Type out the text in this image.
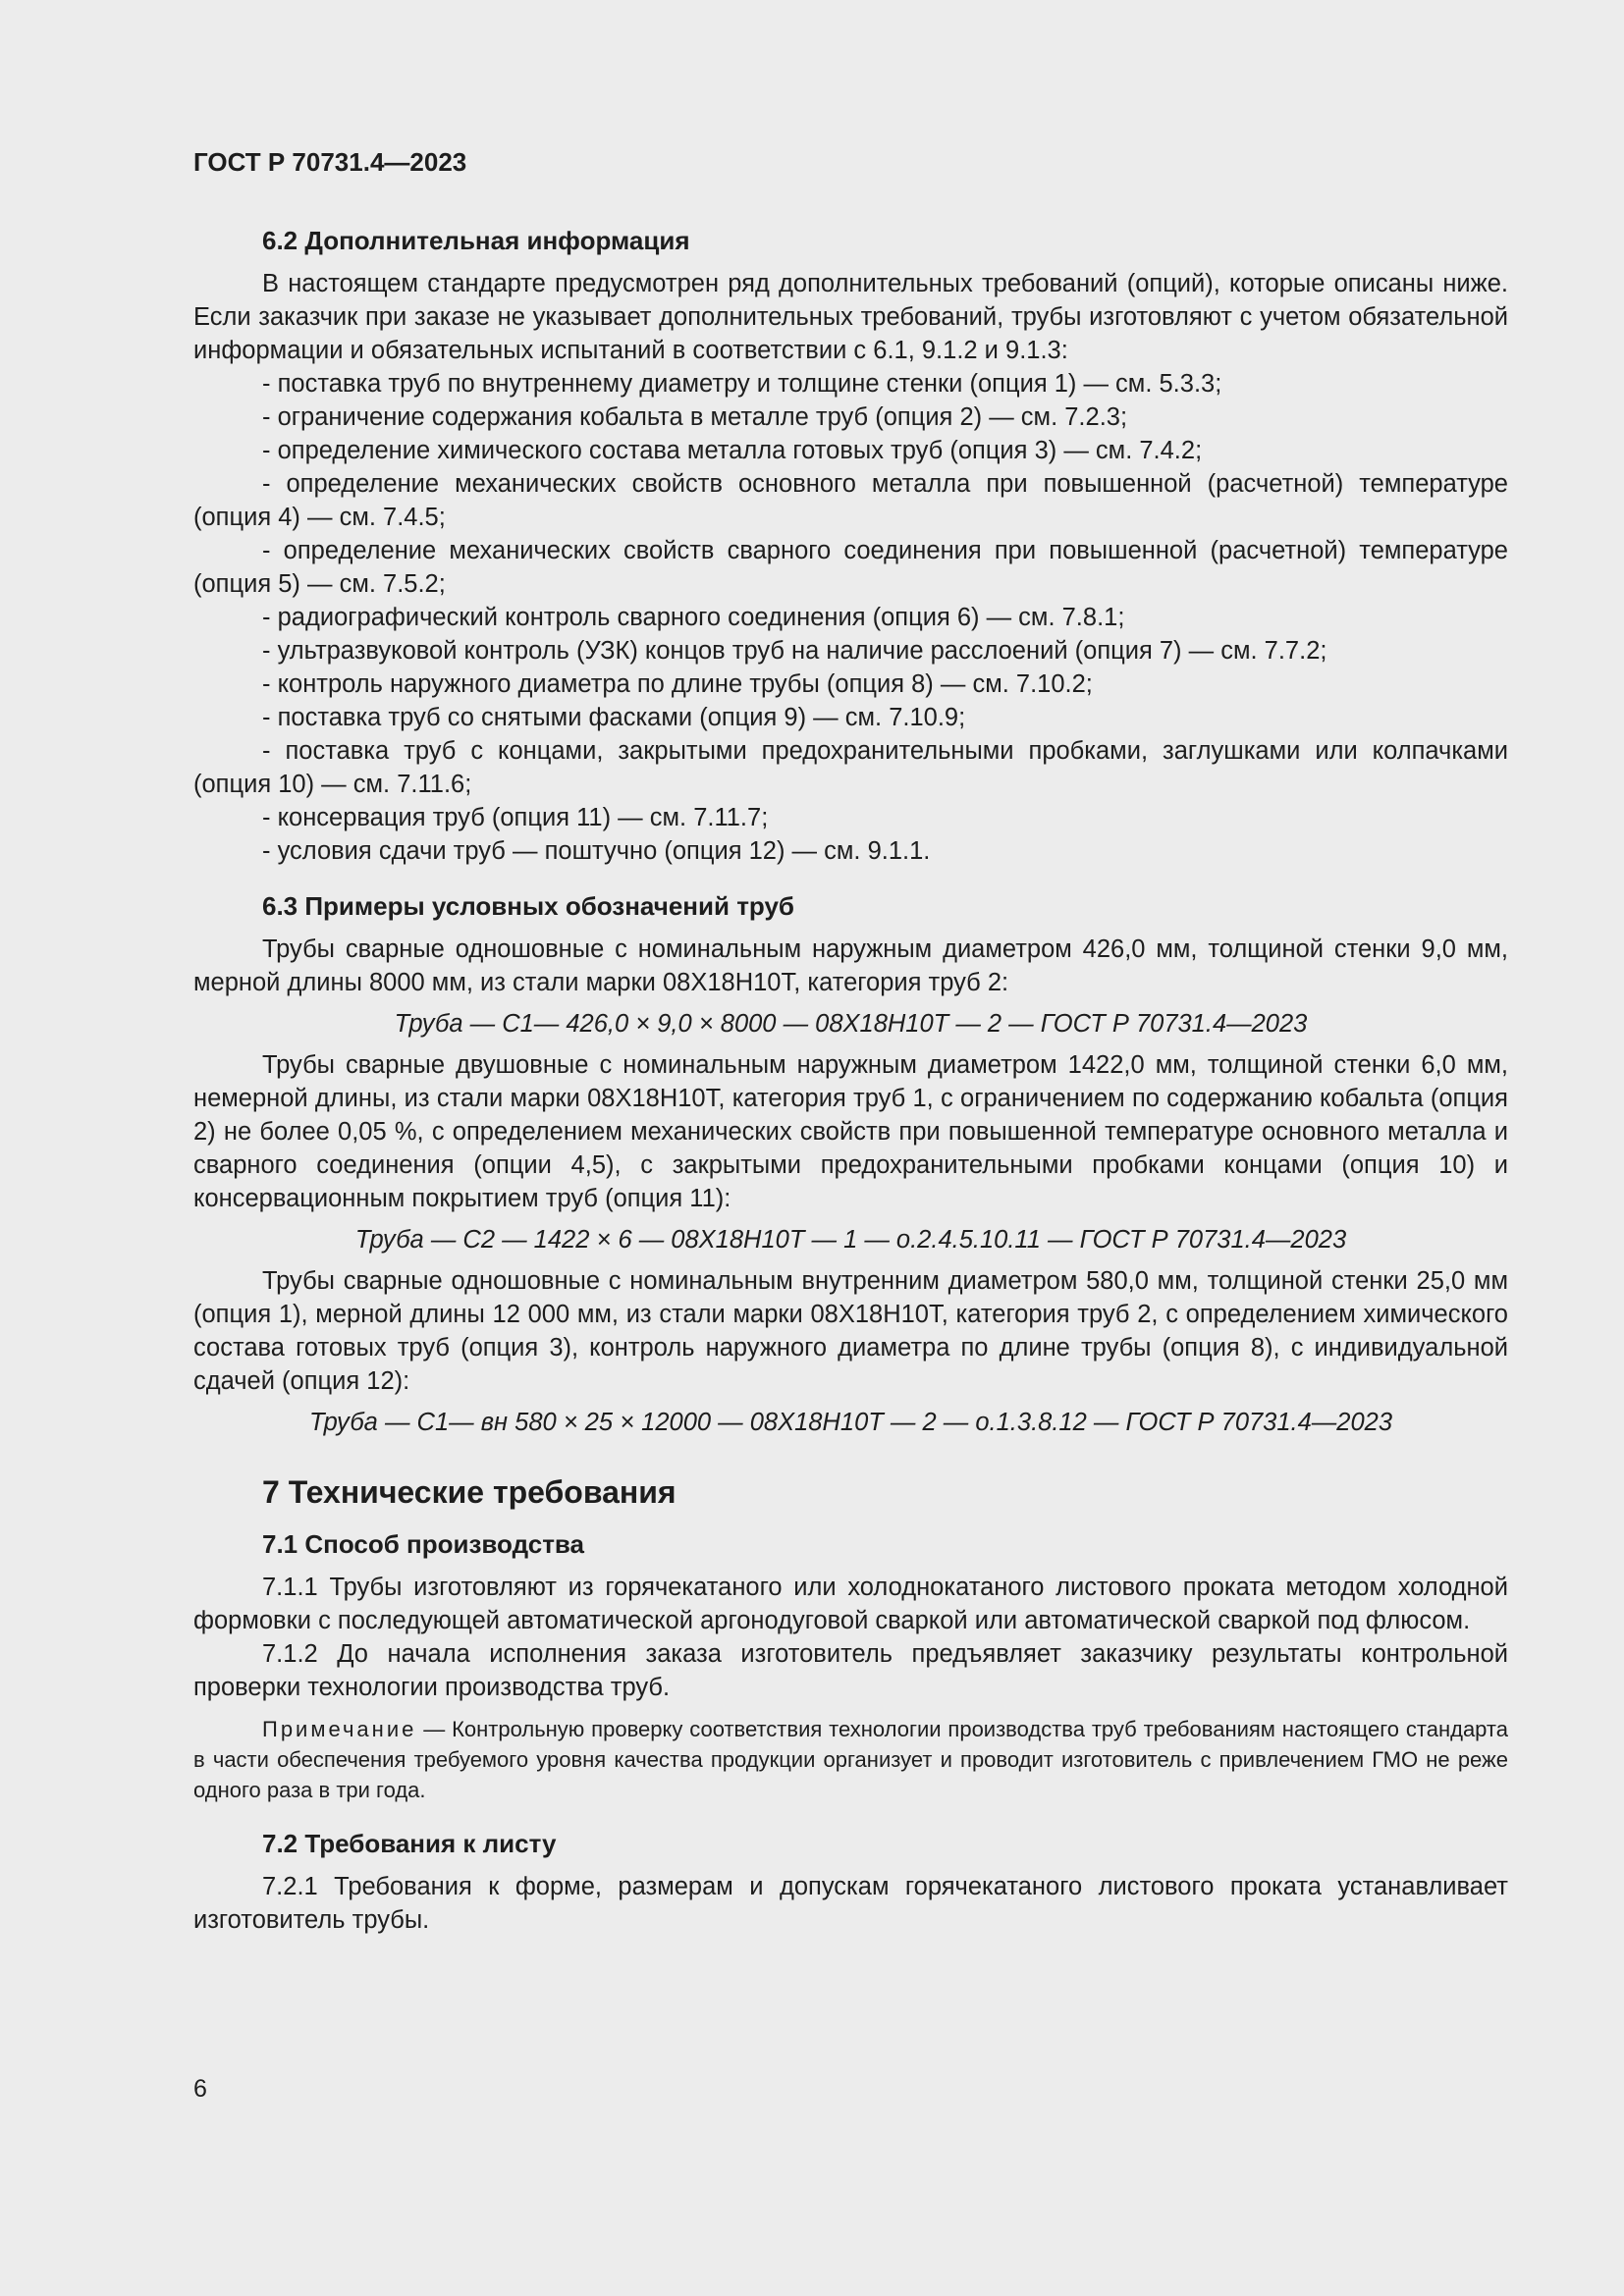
ГОСТ Р 70731.4—2023
6.2 Дополнительная информация

В настоящем стандарте предусмотрен ряд дополнительных требований (опций), которые описаны ниже. Если заказчик при заказе не указывает дополнительных требований, трубы изготовляют с учетом обязательной информации и обязательных испытаний в соответствии с 6.1, 9.1.2 и 9.1.3:

- поставка труб по внутреннему диаметру и толщине стенки (опция 1) — см. 5.3.3;
- ограничение содержания кобальта в металле труб (опция 2) — см. 7.2.3;
- определение химического состава металла готовых труб (опция 3) — см. 7.4.2;
- определение механических свойств основного металла при повышенной (расчетной) температуре (опция 4) — см. 7.4.5;
- определение механических свойств сварного соединения при повышенной (расчетной) температуре (опция 5) — см. 7.5.2;
- радиографический контроль сварного соединения (опция 6) — см. 7.8.1;
- ультразвуковой контроль (УЗК) концов труб на наличие расслоений (опция 7) — см. 7.7.2;
- контроль наружного диаметра по длине трубы (опция 8) — см. 7.10.2;
- поставка труб со снятыми фасками (опция 9) — см. 7.10.9;
- поставка труб с концами, закрытыми предохранительными пробками, заглушками или колпачками (опция 10) — см. 7.11.6;
- консервация труб (опция 11) — см. 7.11.7;
- условия сдачи труб — поштучно (опция 12) — см. 9.1.1.
6.3 Примеры условных обозначений труб

Трубы сварные одношовные с номинальным наружным диаметром 426,0 мм, толщиной стенки 9,0 мм, мерной длины 8000 мм, из стали марки 08Х18Н10Т, категория труб 2:

Труба — С1— 426,0 × 9,0 × 8000 — 08Х18Н10Т — 2 — ГОСТ Р 70731.4—2023

Трубы сварные двушовные с номинальным наружным диаметром 1422,0 мм, толщиной стенки 6,0 мм, немерной длины, из стали марки 08Х18Н10Т, категория труб 1, с ограничением по содержанию кобальта (опция 2) не более 0,05 %, с определением механических свойств при повышенной температуре основного металла и сварного соединения (опции 4,5), с закрытыми предохранительными пробками концами (опция 10) и консервационным покрытием труб (опция 11):

Труба — С2 — 1422 × 6 — 08Х18Н10Т — 1 — о.2.4.5.10.11 — ГОСТ Р 70731.4—2023

Трубы сварные одношовные с номинальным внутренним диаметром 580,0 мм, толщиной стенки 25,0 мм (опция 1), мерной длины 12 000 мм, из стали марки 08Х18Н10Т, категория труб 2, с определением химического состава готовых труб (опция 3), контроль наружного диаметра по длине трубы (опция 8), с индивидуальной сдачей (опция 12):

Труба — С1— вн 580 × 25 × 12000 — 08Х18Н10Т — 2 — о.1.3.8.12 — ГОСТ Р 70731.4—2023
7 Технические требования
7.1 Способ производства

7.1.1 Трубы изготовляют из горячекатаного или холоднокатаного листового проката методом холодной формовки с последующей автоматической аргонодуговой сваркой или автоматической сваркой под флюсом.

7.1.2 До начала исполнения заказа изготовитель предъявляет заказчику результаты контрольной проверки технологии производства труб.

Примечание — Контрольную проверку соответствия технологии производства труб требованиям настоящего стандарта в части обеспечения требуемого уровня качества продукции организует и проводит изготовитель с привлечением ГМО не реже одного раза в три года.
7.2 Требования к листу

7.2.1 Требования к форме, размерам и допускам горячекатаного листового проката устанавливает изготовитель трубы.

6
